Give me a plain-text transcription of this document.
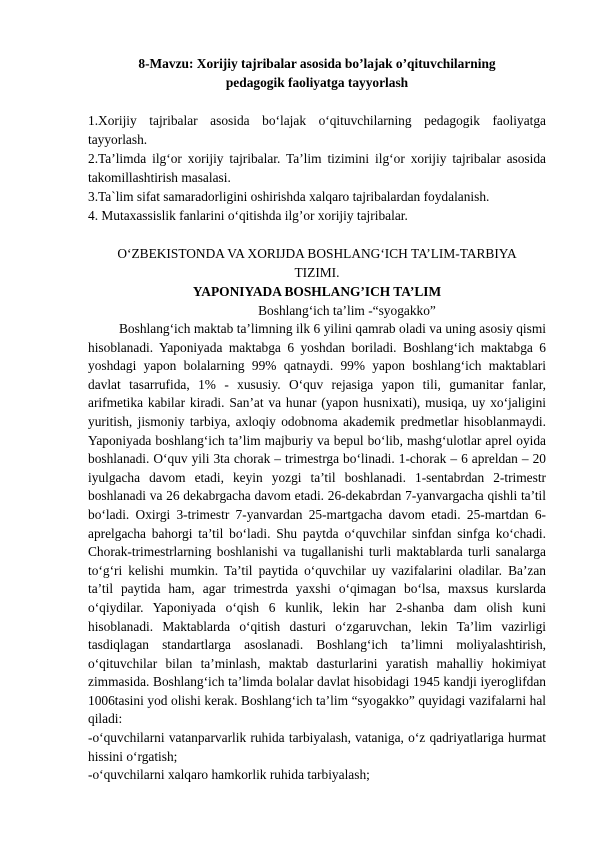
8-Mavzu: Xorijiy tajribalar asosida bo’lajak o’qituvchilarning
pedagogik faoliyatga tayyorlash
1.Xorijiy tajribalar asosida bo‘lajak o‘qituvchilarning pedagogik faoliyatga tayyorlash.
2.Ta’limda ilg‘or xorijiy tajribalar. Ta’lim tizimini ilg‘or xorijiy tajribalar asosida takomillashtirish masalasi.
3.Ta`lim sifat samaradorligini oshirishda xalqaro tajribalardan foydalanish.
4. Mutaxassislik fanlarini o‘qitishda ilg’or xorijiy tajribalar.
O‘ZBEKISTONDA VA XORIJDA BOSHLANG‘ICH TA’LIM-TARBIYA
TIZIMI.
YAPONIYADA BOSHLANG’ICH TA’LIM
Boshlang‘ich ta’lim -“syogakko”

Boshlang‘ich maktab ta’limning ilk 6 yilini qamrab oladi va uning asosiy qismi hisoblanadi. Yaponiyada maktabga 6 yoshdan boriladi. Boshlang‘ich maktabga 6 yoshdagi yapon bolalarning 99% qatnaydi. 99% yapon boshlang‘ich maktablari davlat tasarrufida, 1% - xususiy. O‘quv rejasiga yapon tili, gumanitar fanlar, arifmetika kabilar kiradi. San’at va hunar (yapon husnixati), musiqa, uy xo‘jaligini yuritish, jismoniy tarbiya, axloqiy odobnoma akademik predmetlar hisoblanmaydi. Yaponiyada boshlang‘ich ta’lim majburiy va bepul bo‘lib, mashg‘ulotlar aprel oyida boshlanadi. O‘quv yili 3ta chorak – trimestrga bo‘linadi. 1-chorak – 6 apreldan – 20 iyulgacha davom etadi, keyin yozgi ta’til boshlanadi. 1-sentabrdan 2-trimestr boshlanadi va 26 dekabrgacha davom etadi. 26-dekabrdan 7-yanvargacha qishli ta’til bo‘ladi. Oxirgi 3-trimestr 7-yanvardan 25-martgacha davom etadi. 25-martdan 6-aprelgacha bahorgi ta’til bo‘ladi. Shu paytda o‘quvchilar sinfdan sinfga ko‘chadi. Chorak-trimestrlarning boshlanishi va tugallanishi turli maktablarda turli sanalarga to‘g‘ri kelishi mumkin. Ta’til paytida o‘quvchilar uy vazifalarini oladilar. Ba’zan ta’til paytida ham, agar trimestrda yaxshi o‘qimagan bo‘lsa, maxsus kurslarda o‘qiydilar. Yaponiyada o‘qish 6 kunlik, lekin har 2-shanba dam olish kuni hisoblanadi. Maktablarda o‘qitish dasturi o‘zgaruvchan, lekin Ta’lim vazirligi tasdiqlagan standartlarga asoslanadi. Boshlang‘ich ta’limni moliyalashtirish, o‘qituvchilar bilan ta’minlash, maktab dasturlarini yaratish mahalliy hokimiyat zimmasida. Boshlang‘ich ta’limda bolalar davlat hisobidagi 1945 kandji iyeroglifdan 1006tasini yod olishi kerak. Boshlang‘ich ta’lim “syogakko” quyidagi vazifalarni hal qiladi:

-o‘quvchilarni vatanparvarlik ruhida tarbiyalash, vataniga, o‘z qadriyatlariga hurmat hissini o‘rgatish;

-o‘quvchilarni xalqaro hamkorlik ruhida tarbiyalash;
